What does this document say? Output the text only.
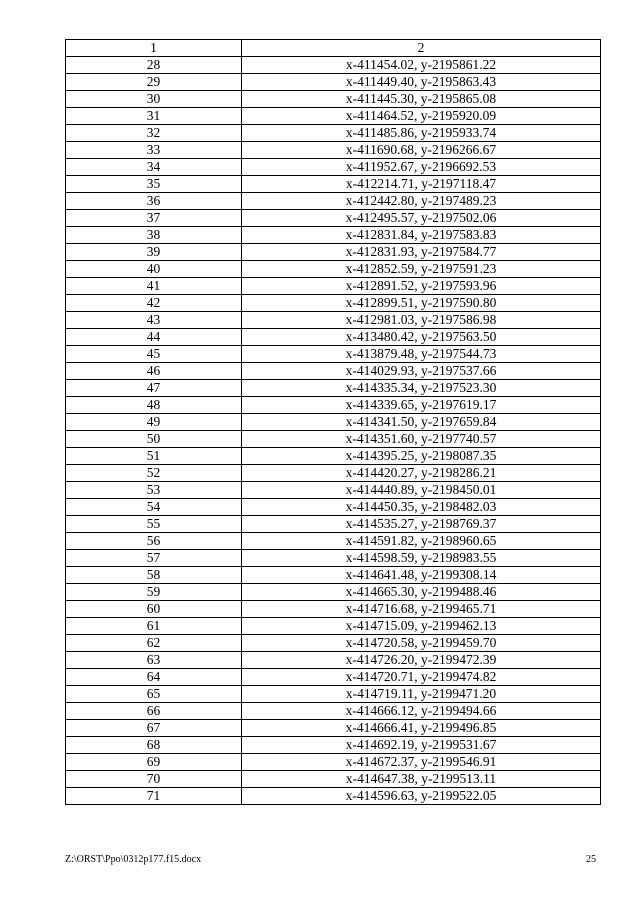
1	2
28	x-411454.02, y-2195861.22
29	x-411449.40, y-2195863.43
30	x-411445.30, y-2195865.08
31	x-411464.52, y-2195920.09
32	x-411485.86, y-2195933.74
33	x-411690.68, y-2196266.67
34	x-411952.67, y-2196692.53
35	x-412214.71, y-2197118.47
36	x-412442.80, y-2197489.23
37	x-412495.57, y-2197502.06
38	x-412831.84, y-2197583.83
39	x-412831.93, y-2197584.77
40	x-412852.59, y-2197591.23
41	x-412891.52, y-2197593.96
42	x-412899.51, y-2197590.80
43	x-412981.03, y-2197586.98
44	x-413480.42, y-2197563.50
45	x-413879.48, y-2197544.73
46	x-414029.93, y-2197537.66
47	x-414335.34, y-2197523.30
48	x-414339.65, y-2197619.17
49	x-414341.50, y-2197659.84
50	x-414351.60, y-2197740.57
51	x-414395.25, y-2198087.35
52	x-414420.27, y-2198286.21
53	x-414440.89, y-2198450.01
54	x-414450.35, y-2198482.03
55	x-414535.27, y-2198769.37
56	x-414591.82, y-2198960.65
57	x-414598.59, y-2198983.55
58	x-414641.48, y-2199308.14
59	x-414665.30, y-2199488.46
60	x-414716.68, y-2199465.71
61	x-414715.09, y-2199462.13
62	x-414720.58, y-2199459.70
63	x-414726.20, y-2199472.39
64	x-414720.71, y-2199474.82
65	x-414719.11, y-2199471.20
66	x-414666.12, y-2199494.66
67	x-414666.41, y-2199496.85
68	x-414692.19, y-2199531.67
69	x-414672.37, y-2199546.91
70	x-414647.38, y-2199513.11
71	x-414596.63, y-2199522.05
Z:\ORST\Ppo\0312p177.f15.docx	25
